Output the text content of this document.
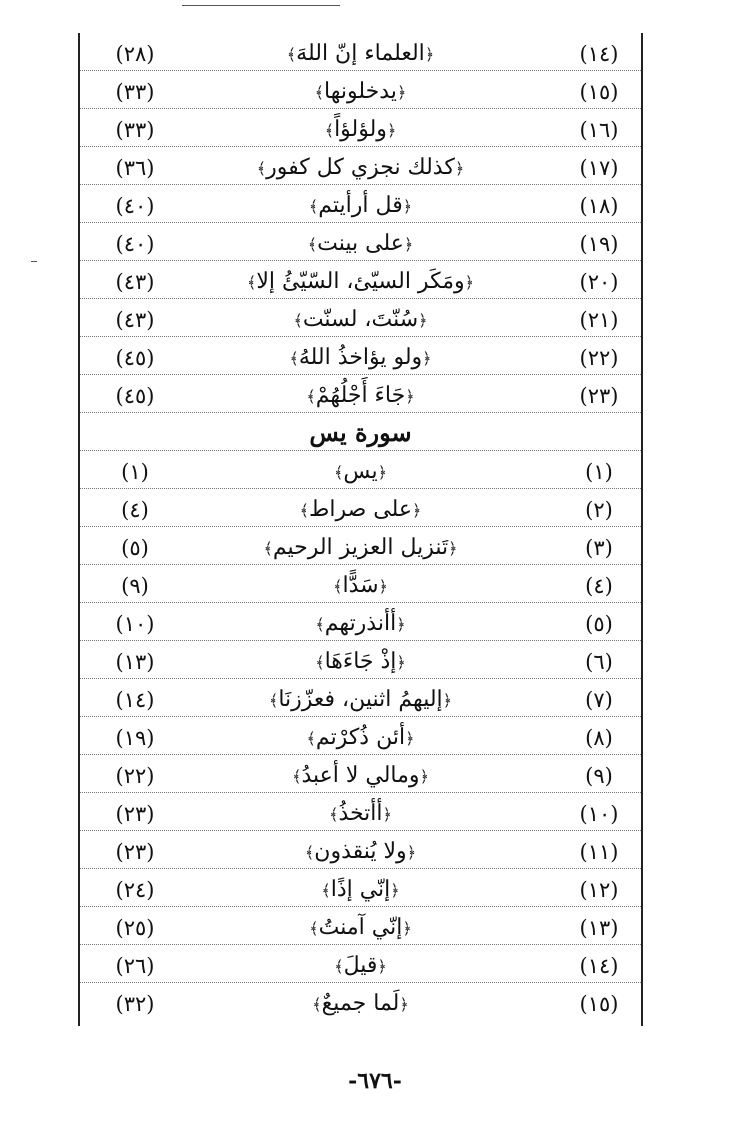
(١٤)
﴿العلماء إنّ اللهَ﴾
(٢٨)
(١٥)
﴿يدخلونها﴾
(٣٣)
(١٦)
﴿ولؤلؤاً﴾
(٣٣)
(١٧)
﴿كذلك نجزي كل كفور﴾
(٣٦)
(١٨)
﴿قل أرأيتم﴾
(٤٠)
(١٩)
﴿على بينت﴾
(٤٠)
(٢٠)
﴿ومَكَر السيّئ، السّيّئُ إلا﴾
(٤٣)
(٢١)
﴿سُنّتَ، لسنّت﴾
(٤٣)
(٢٢)
﴿ولو يؤاخذُ اللهُ﴾
(٤٥)
(٢٣)
﴿جَاءَ أَجْلُهُمْ﴾
(٤٥)
سورة يس
(١)
﴿يس﴾
(١)
(٢)
﴿على صراط﴾
(٤)
(٣)
﴿تَنزيل العزيز الرحيم﴾
(٥)
(٤)
﴿سَدًّا﴾
(٩)
(٥)
﴿أأنذرتهم﴾
(١٠)
(٦)
﴿إذْ جَاءَهَا﴾
(١٣)
(٧)
﴿إليهمُ اثنين، فعزّزنَا﴾
(١٤)
(٨)
﴿أئن ذُكرْتم﴾
(١٩)
(٩)
﴿ومالي لا أعبدُ﴾
(٢٢)
(١٠)
﴿أأتخذُ﴾
(٢٣)
(١١)
﴿ولا يُنقذون﴾
(٢٣)
(١٢)
﴿إنّي إذًا﴾
(٢٤)
(١٣)
﴿إنّي آمنتُ﴾
(٢٥)
(١٤)
﴿قيلَ﴾
(٢٦)
(١٥)
﴿لَما جميعٌ﴾
(٣٢)
-٦٧٦-
